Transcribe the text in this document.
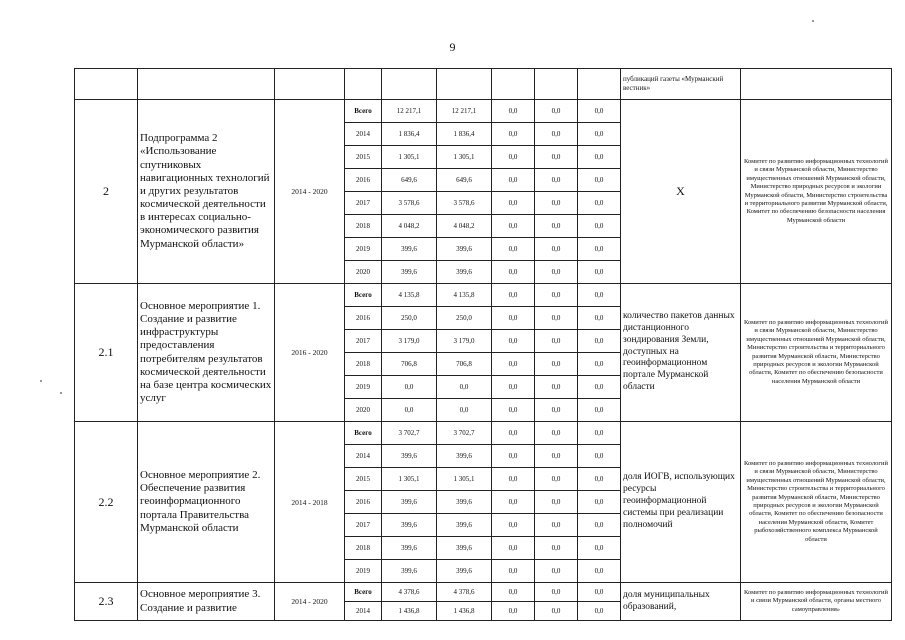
9
									публикаций газеты «Мурманский вестник»	
2	Подпрограмма 2 «Использование спутниковых навигационных технологий и других результатов космической деятельности в интересах социально-экономического развития Мурманской области»	2014 - 2020	Всего	12 217,1	12 217,1	0,0	0,0	0,0	X	Комитет по развитию информационных технологий и связи Мурманской области, Министерство имущественных отношений Мурманской области, Министерство природных ресурсов и экологии Мурманской области, Министерство строительства и территориального развития Мурманской области, Комитет по обеспечению безопасности населения Мурманской области
			2014	1 836,4	1 836,4	0,0	0,0	0,0		
			2015	1 305,1	1 305,1	0,0	0,0	0,0		
			2016	649,6	649,6	0,0	0,0	0,0		
			2017	3 578,6	3 578,6	0,0	0,0	0,0		
			2018	4 048,2	4 048,2	0,0	0,0	0,0		
			2019	399,6	399,6	0,0	0,0	0,0		
			2020	399,6	399,6	0,0	0,0	0,0		
2.1	Основное мероприятие 1. Создание и развитие инфраструктуры предоставления потребителям результатов космической деятельности на базе центра космических услуг	2016 - 2020	Всего	4 135,8	4 135,8	0,0	0,0	0,0	количество пакетов данных дистанционного зондирования Земли, доступных на геоинформационном портале Мурманской области	Комитет по развитию информационных технологий и связи Мурманской области, Министерство имущественных отношений Мурманской области, Министерство строительства и территориального развития Мурманской области, Министерство природных ресурсов и экологии Мурманской области, Комитет по обеспечению безопасности населения Мурманской области
			2016	250,0	250,0	0,0	0,0	0,0		
			2017	3 179,0	3 179,0	0,0	0,0	0,0		
			2018	706,8	706,8	0,0	0,0	0,0		
			2019	0,0	0,0	0,0	0,0	0,0		
			2020	0,0	0,0	0,0	0,0	0,0		
2.2	Основное мероприятие 2. Обеспечение развития геоинформационного портала Правительства Мурманской области	2014 - 2018	Всего	3 702,7	3 702,7	0,0	0,0	0,0	доля ИОГВ, использующих ресурсы геоинформационной системы при реализации полномочий	Комитет по развитию информационных технологий и связи Мурманской области, Министерство имущественных отношений Мурманской области, Министерство строительства и территориального развития Мурманской области, Министерство природных ресурсов и экологии Мурманской области, Комитет по обеспечению безопасности населения Мурманской области, Комитет рыбохозяйственного комплекса Мурманской области
			2014	399,6	399,6	0,0	0,0	0,0		
			2015	1 305,1	1 305,1	0,0	0,0	0,0		
			2016	399,6	399,6	0,0	0,0	0,0		
			2017	399,6	399,6	0,0	0,0	0,0		
			2018	399,6	399,6	0,0	0,0	0,0		
			2019	399,6	399,6	0,0	0,0	0,0		
2.3	Основное мероприятие 3. Создание и развитие	2014 - 2020	Всего	4 378,6	4 378,6	0,0	0,0	0,0	доля муниципальных образований,	Комитет по развитию информационных технологий и связи Мурманской области, органы местного самоуправления»
			2014	1 436,8	1 436,8	0,0	0,0	0,0		
